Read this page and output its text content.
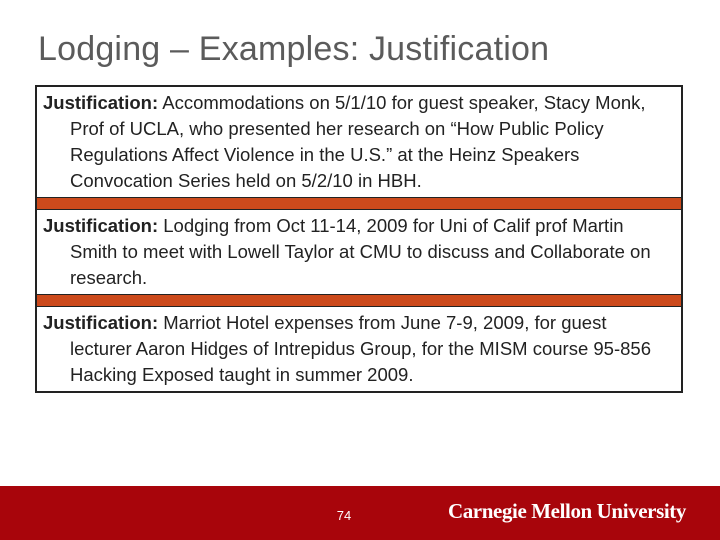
Lodging – Examples: Justification
Justification: Accommodations on 5/1/10 for guest speaker, Stacy Monk, Prof of UCLA, who presented her research on “How Public Policy Regulations Affect Violence in the U.S.” at the Heinz Speakers Convocation Series held on 5/2/10 in HBH.
Justification: Lodging from Oct 11-14, 2009 for Uni of Calif prof Martin Smith to meet with Lowell Taylor at CMU to discuss and Collaborate on research.
Justification: Marriot Hotel expenses from June 7-9, 2009, for guest lecturer Aaron Hidges of Intrepidus Group, for the MISM course 95-856 Hacking Exposed taught in summer 2009.
74	Carnegie Mellon University
